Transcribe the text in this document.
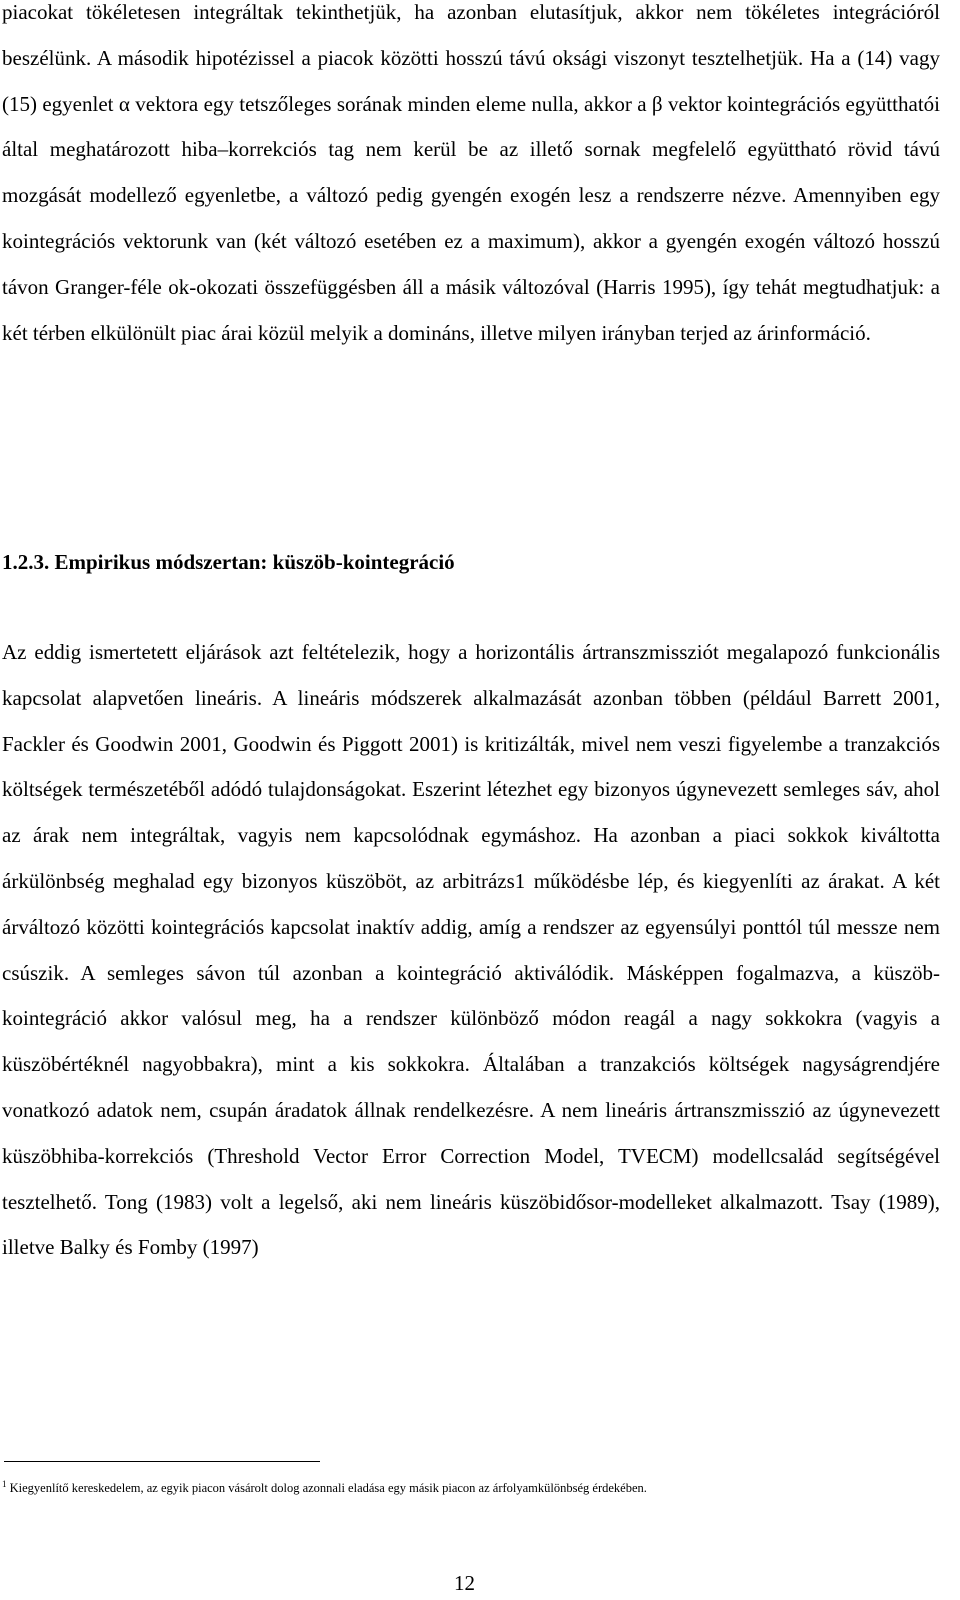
piacokat tökéletesen integráltak tekinthetjük, ha azonban elutasítjuk, akkor nem tökéletes integrációról beszélünk. A második hipotézissel a piacok közötti hosszú távú oksági viszonyt tesztelhetjük. Ha a (14) vagy (15) egyenlet α vektora egy tetszőleges sorának minden eleme nulla, akkor a β vektor kointegrációs együtthatói által meghatározott hiba–korrekciós tag nem kerül be az illető sornak megfelelő együttható rövid távú mozgását modellező egyenletbe, a változó pedig gyengén exogén lesz a rendszerre nézve. Amennyiben egy kointegrációs vektorunk van (két változó esetében ez a maximum), akkor a gyengén exogén változó hosszú távon Granger-féle ok-okozati összefüggésben áll a másik változóval (Harris 1995), így tehát megtudhatjuk: a két térben elkülönült piac árai közül melyik a domináns, illetve milyen irányban terjed az árinformáció.

1.2.3. Empirikus módszertan: küszöb-kointegráció

Az eddig ismertetett eljárások azt feltételezik, hogy a horizontális ártranszmissziót megalapozó funkcionális kapcsolat alapvetően lineáris. A lineáris módszerek alkalmazását azonban többen (például Barrett 2001, Fackler és Goodwin 2001, Goodwin és Piggott 2001) is kritizálták, mivel nem veszi figyelembe a tranzakciós költségek természetéből adódó tulajdonságokat. Eszerint létezhet egy bizonyos úgynevezett semleges sáv, ahol az árak nem integráltak, vagyis nem kapcsolódnak egymáshoz. Ha azonban a piaci sokkok kiváltotta árkülönbség meghalad egy bizonyos küszöböt, az arbitrázs1 működésbe lép, és kiegyenlíti az árakat. A két árváltozó közötti kointegrációs kapcsolat inaktív addig, amíg a rendszer az egyensúlyi ponttól túl messze nem csúszik. A semleges sávon túl azonban a kointegráció aktiválódik. Másképpen fogalmazva, a küszöb-kointegráció akkor valósul meg, ha a rendszer különböző módon reagál a nagy sokkokra (vagyis a küszöbértéknél nagyobbakra), mint a kis sokkokra. Általában a tranzakciós költségek nagyságrendjére vonatkozó adatok nem, csupán áradatok állnak rendelkezésre. A nem lineáris ártranszmisszió az úgynevezett küszöbhiba-korrekciós (Threshold Vector Error Correction Model, TVECM) modellcsalád segítségével tesztelhető. Tong (1983) volt a legelső, aki nem lineáris küszöbidősor-modelleket alkalmazott. Tsay (1989), illetve Balky és Fomby (1997)

$^1$ Kiegyenlítő kereskedelem, az egyik piacon vásárolt dolog azonnali eladása egy másik piacon az árfolyamkülönbség érdekében.

12
